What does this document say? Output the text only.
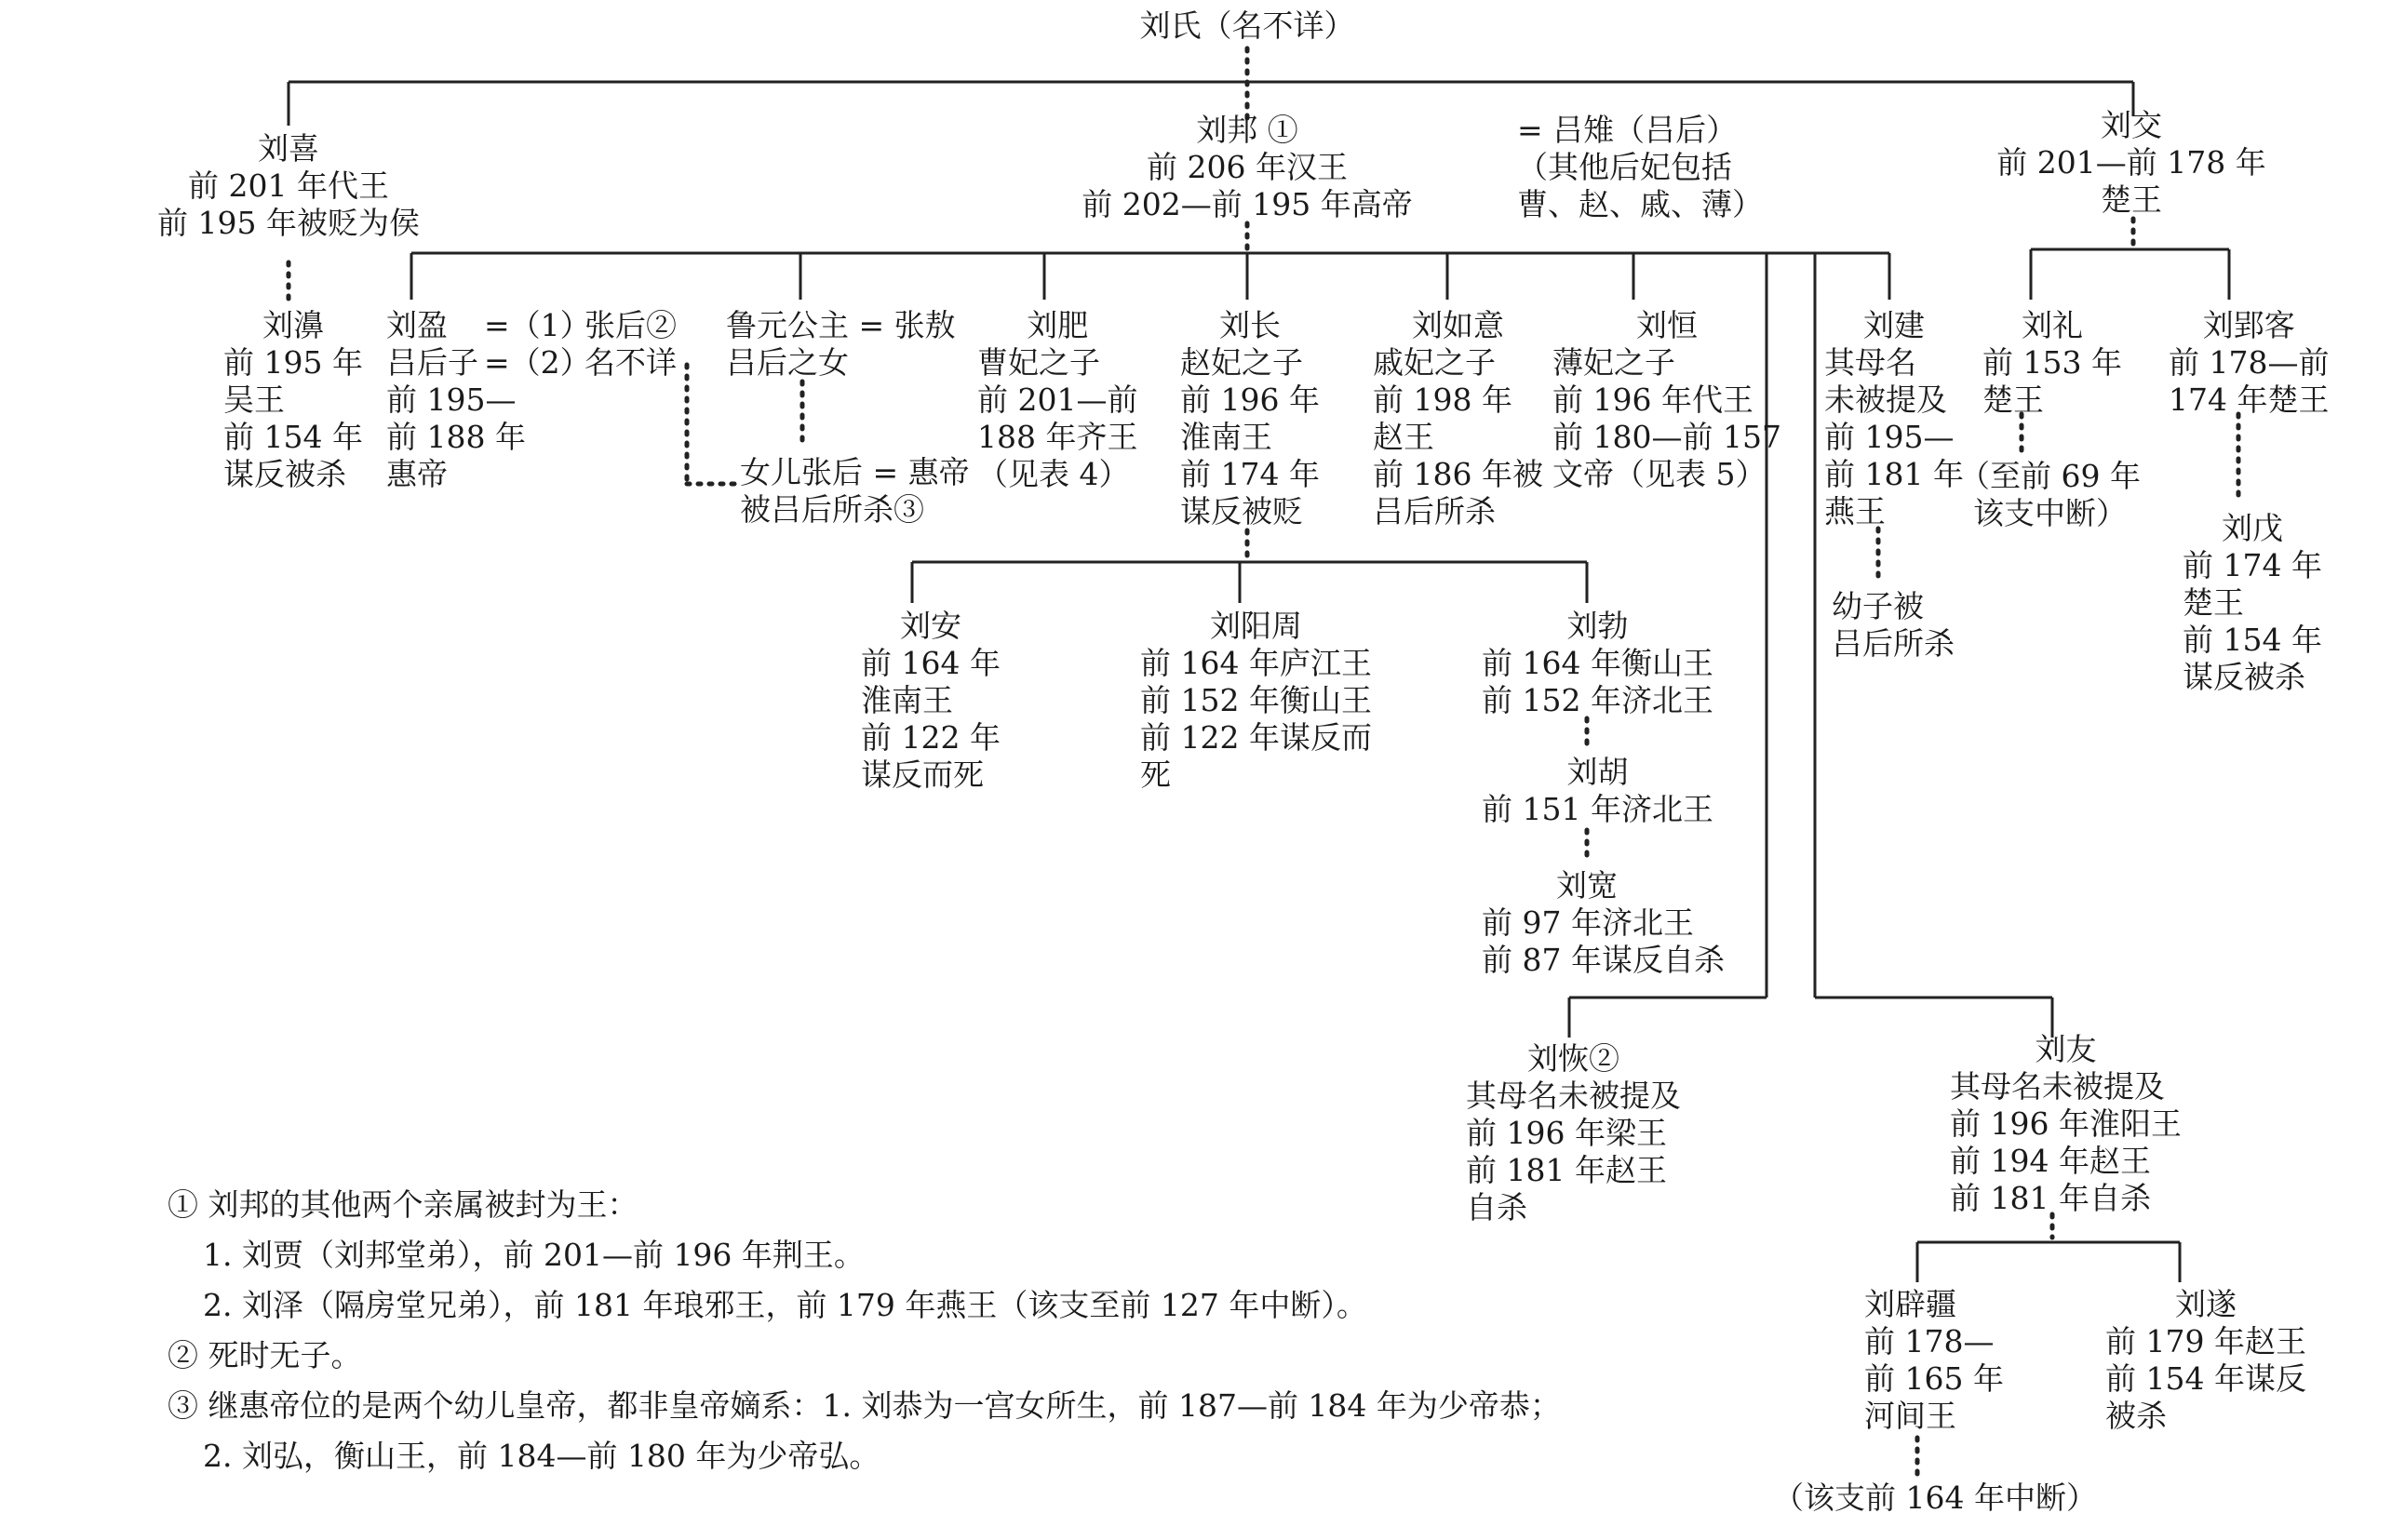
刘氏（名不详）
刘喜
前 201 年代王
前 195 年被贬为侯
刘濞
前 195 年
吴王
前 154 年
谋反被杀
刘邦 ①
前 206 年汉王
前 202—前 195 年高帝
= 吕雉（吕后）
（其他后妃包括
曹、赵、戚、薄）
刘交
前 201—前 178 年
楚王
刘盈
吕后子
前 195—
前 188 年
惠帝
=（1）
=（2）
张后②
名不详
鲁元公主 = 张敖
吕后之女
女儿张后 = 惠帝
被吕后所杀③
刘肥
曹妃之子
前 201—前
188 年齐王
（见表 4）
刘长
赵妃之子
前 196 年
淮南王
前 174 年
谋反被贬
刘如意
戚妃之子
前 198 年
赵王
前 186 年被
吕后所杀
刘恒
薄妃之子
前 196 年代王
前 180—前 157
文帝（见表 5）
刘建
其母名
未被提及
前 195—
前 181 年
燕王
幼子被
吕后所杀
刘礼
前 153 年
楚王
（至前 69 年
该支中断）
刘郢客
前 178—前
174 年楚王
刘戊
前 174 年
楚王
前 154 年
谋反被杀
刘安
前 164 年
淮南王
前 122 年
谋反而死
刘阳周
前 164 年庐江王
前 152 年衡山王
前 122 年谋反而
死
刘勃
前 164 年衡山王
前 152 年济北王
刘胡
前 151 年济北王
刘宽
前 97 年济北王
前 87 年谋反自杀
刘恢②
其母名未被提及
前 196 年梁王
前 181 年赵王
自杀
刘友
其母名未被提及
前 196 年淮阳王
前 194 年赵王
前 181 年自杀
刘辟疆
前 178—
前 165 年
河间王
（该支前 164 年中断）
刘遂
前 179 年赵王
前 154 年谋反
被杀
① 刘邦的其他两个亲属被封为王：
1. 刘贾（刘邦堂弟），前 201—前 196 年荆王。
2. 刘泽（隔房堂兄弟），前 181 年琅邪王，前 179 年燕王（该支至前 127 年中断）。
② 死时无子。
③ 继惠帝位的是两个幼儿皇帝，都非皇帝嫡系：1. 刘恭为一宫女所生，前 187—前 184 年为少帝恭；
2. 刘弘，衡山王，前 184—前 180 年为少帝弘。
